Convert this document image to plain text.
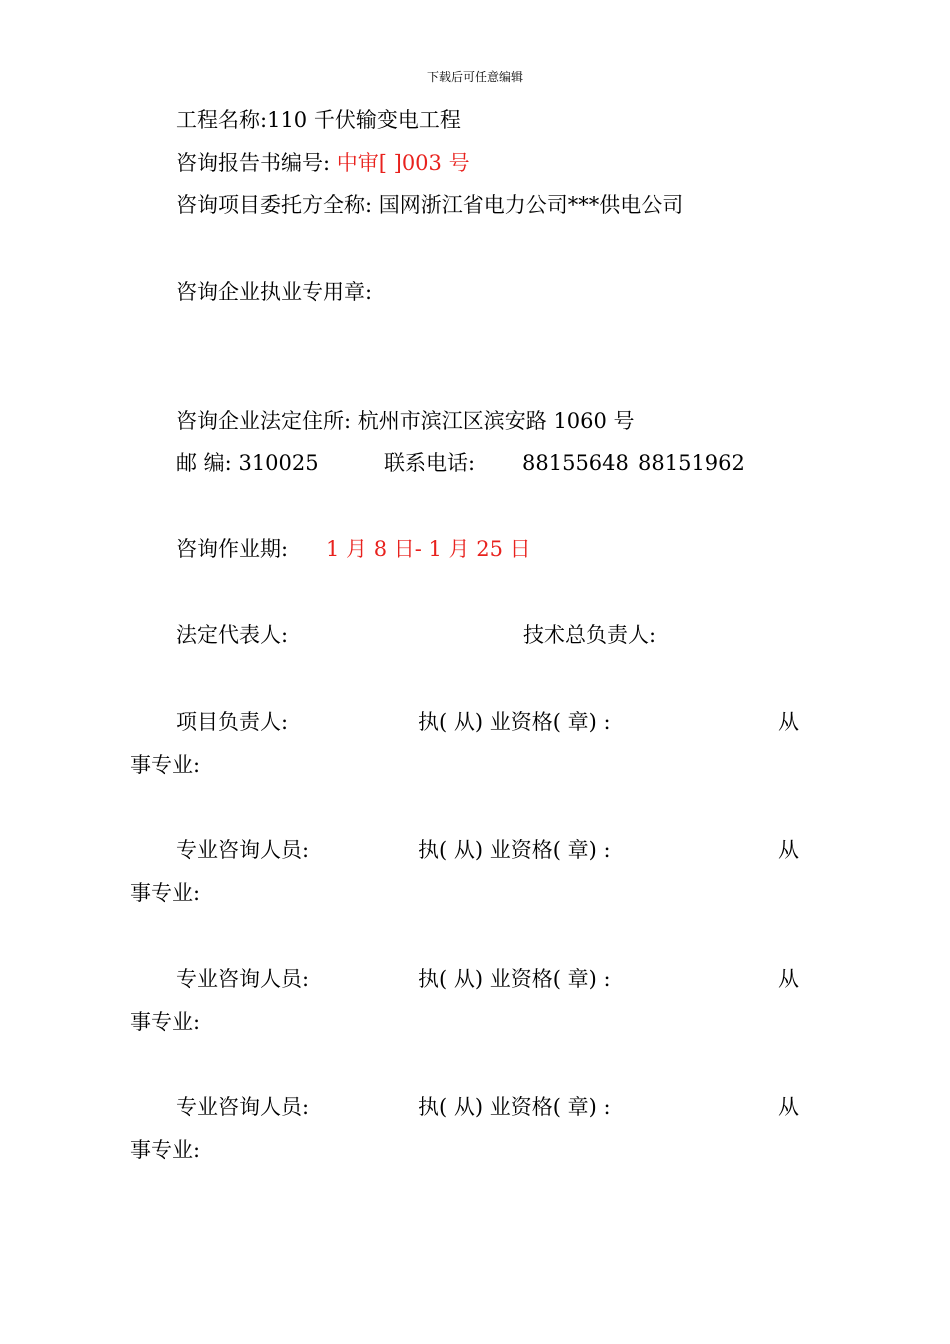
下载后可任意编辑
工程名称:110 千伏输变电工程
咨询报告书编号: 中审[ ]003 号
咨询项目委托方全称: 国网浙江省电力公司***供电公司
咨询企业执业专用章:
咨询企业法定住所: 杭州市滨江区滨安路 1060 号
邮 编: 310025	联系电话: 88155648 88151962
咨询作业期: 1 月 8 日- 1 月 25 日
法定代表人:	技术总负责人:
项目负责人:	执( 从) 业资格( 章) :	从
事专业:
专业咨询人员:	执( 从) 业资格( 章) :	从
事专业:
专业咨询人员:	执( 从) 业资格( 章) :	从
事专业:
专业咨询人员:	执( 从) 业资格( 章) :	从
事专业:
